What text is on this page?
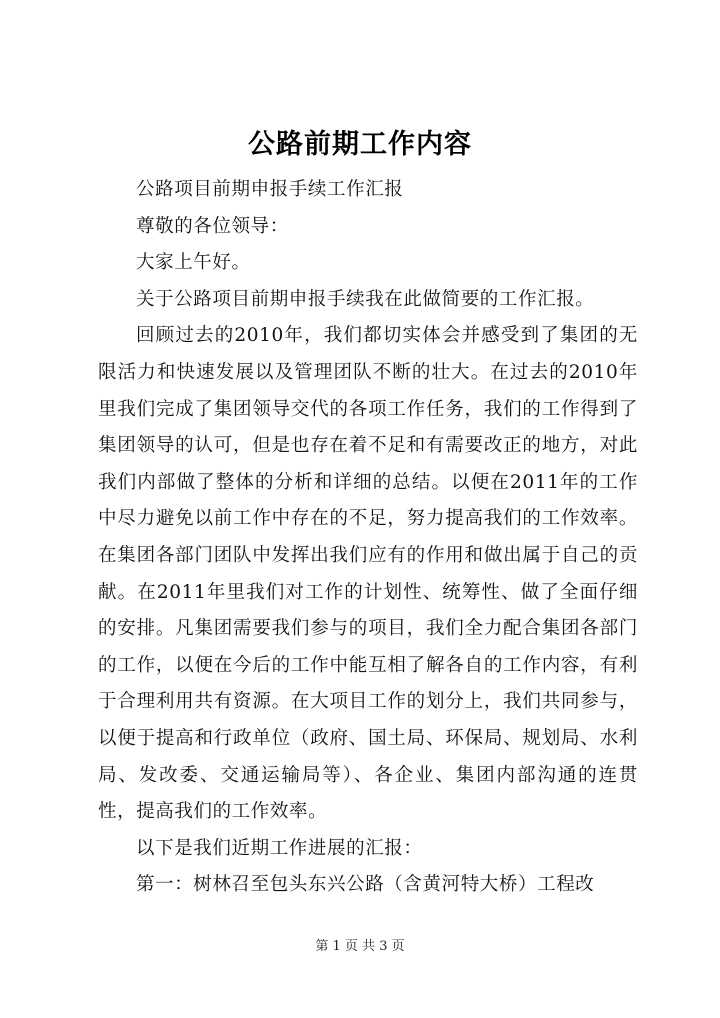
公路前期工作内容

公路项目前期申报手续工作汇报

尊敬的各位领导：

大家上午好。

关于公路项目前期申报手续我在此做简要的工作汇报。

回顾过去的2010年，我们都切实体会并感受到了集团的无限活力和快速发展以及管理团队不断的壮大。在过去的2010年里我们完成了集团领导交代的各项工作任务，我们的工作得到了集团领导的认可，但是也存在着不足和有需要改正的地方，对此我们内部做了整体的分析和详细的总结。以便在2011年的工作中尽力避免以前工作中存在的不足，努力提高我们的工作效率。在集团各部门团队中发挥出我们应有的作用和做出属于自己的贡献。在2011年里我们对工作的计划性、统筹性、做了全面仔细的安排。凡集团需要我们参与的项目，我们全力配合集团各部门的工作，以便在今后的工作中能互相了解各自的工作内容，有利于合理利用共有资源。在大项目工作的划分上，我们共同参与，以便于提高和行政单位（政府、国土局、环保局、规划局、水利局、发改委、交通运输局等）、各企业、集团内部沟通的连贯性，提高我们的工作效率。

以下是我们近期工作进展的汇报：

第一：树林召至包头东兴公路（含黄河特大桥）工程改

第 1 页 共 3 页
